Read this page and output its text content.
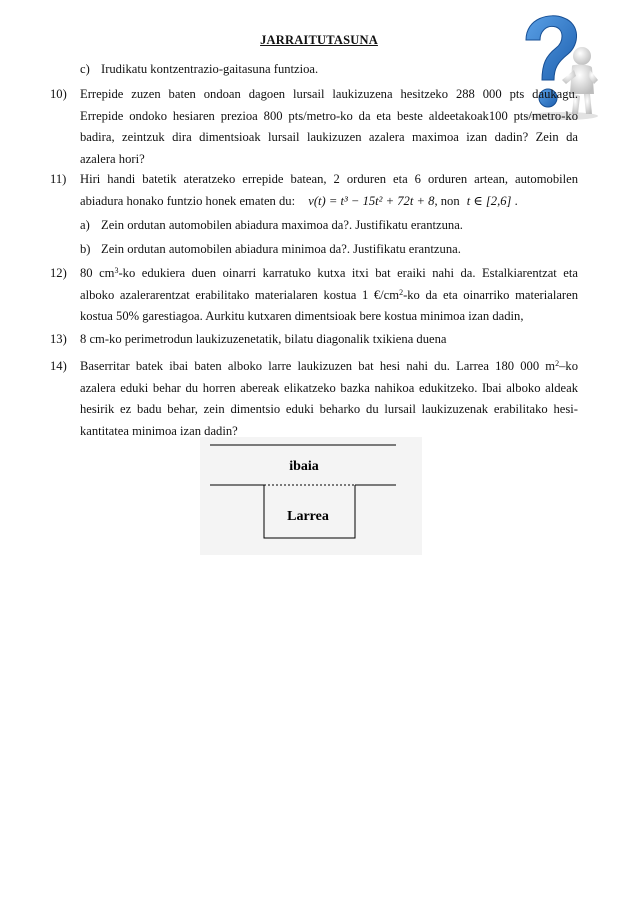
JARRAITUTASUNA
c) Irudikatu kontzentrazio-gaitasuna funtzioa.
10) Errepide zuzen baten ondoan dagoen lursail laukizuzena hesitzeko 288 000 pts daukagu.
Errepide ondoko hesiaren prezioa 800 pts/metro-ko da eta beste aldeetakoak100 pts/metro-ko
badira, zeintzuk dira dimentsioak lursail laukizuzen azalera maximoa izan dadin? Zein da
azalera hori?
11) Hiri handi batetik ateratzeko errepide batean, 2 orduren eta 6 orduren artean, automobilen
abiadura honako funtzio honek ematen du: v(t) = t³ − 15t² + 72t + 8, non t ∈ [2,6] .
a) Zein ordutan automobilen abiadura maximoa da?. Justifikatu erantzuna.
b) Zein ordutan automobilen abiadura minimoa da?. Justifikatu erantzuna.
12) 80 $cm^3-ko$ edukiera duen oinarri karratuko kutxa itxi bat eraiki nahi da. Estalkiarentzat eta
alboko azalerarentzat erabilitako materialaren kostua 1 $€/cm^2-ko$ da eta oinarriko materialaren
kostua 50% garestiagoa. Aurkitu kutxaren dimentsioak bere kostua minimoa izan dadin,
13) 8 cm-ko perimetrodun laukizuzenetatik, bilatu diagonalik txikiena duena
14) Baserritar batek ibai baten alboko larre laukizuzen bat hesi nahi du. Larrea 180 000 $m^2-ko$
azalera eduki behar du horren abereak elikatzeko bazka nahikoa edukitzeko. Ibai alboko aldeak
hesirik ez badu behar, zein dimentsio eduki beharko du lursail laukizuzenak erabilitako hesi-
kantitatea minimoa izan dadin?
ibaia
Larrea
